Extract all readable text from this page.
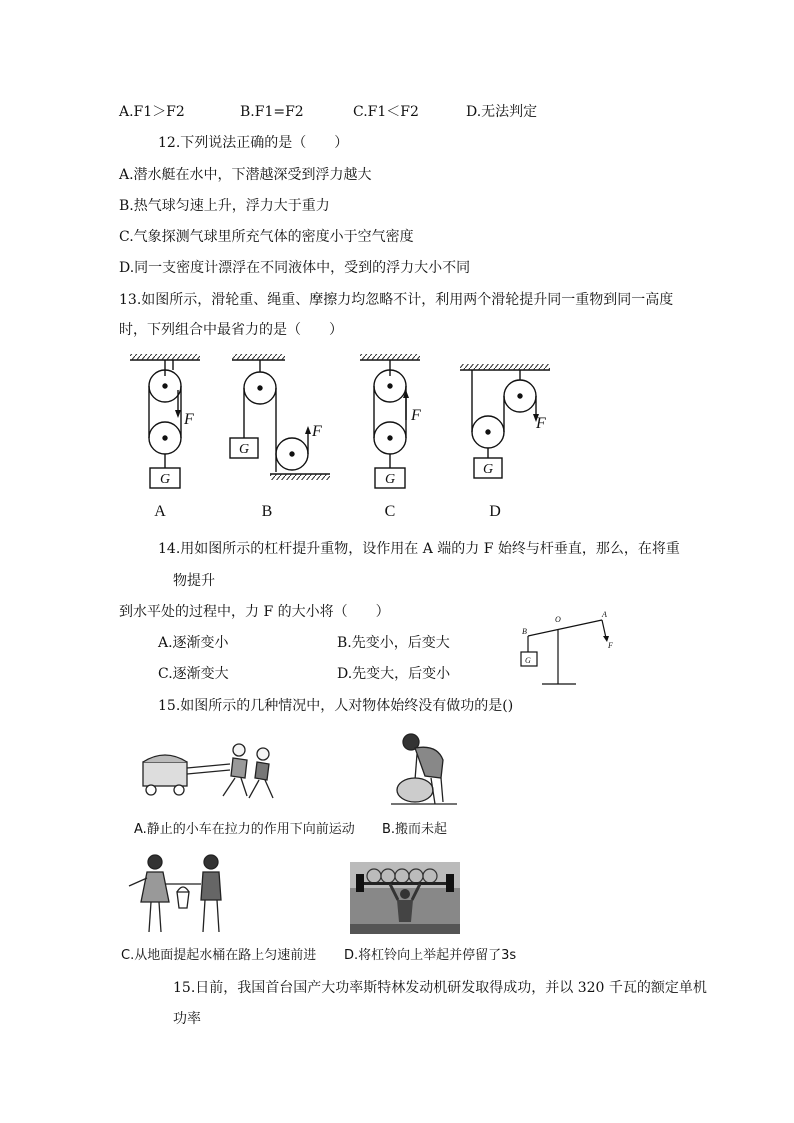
A.F1＞F2	B.F1=F2	C.F1＜F2	D.无法判定
12.下列说法正确的是（　　）
A.潜水艇在水中，下潜越深受到浮力越大
B.热气球匀速上升，浮力大于重力
C.气象探测气球里所充气体的密度小于空气密度
D.同一支密度计漂浮在不同液体中，受到的浮力大小不同
13.如图所示，滑轮重、绳重、摩擦力均忽略不计，利用两个滑轮提升同一重物到同一高度
时，下列组合中最省力的是（　　）
F
F
F	F
G
G
G
G
A	B	C	D
14.用如图所示的杠杆提升重物，设作用在 A 端的力 F 始终与杆垂直，那么，在将重
物提升
到水平处的过程中，力 F 的大小将（　　）
A.逐渐变小	B.先变小，后变大
C.逐渐变大	D.先变大，后变小
B
O
A
F
G
15.如图所示的几种情况中，人对物体始终没有做功的是()
A.静止的小车在拉力的作用下向前运动 B.搬而未起
C.从地面提起水桶在路上匀速前进 D.将杠铃向上举起并停留了3s
15.日前，我国首台国产大功率斯特林发动机研发取得成功，并以 320 千瓦的额定单机
功率
